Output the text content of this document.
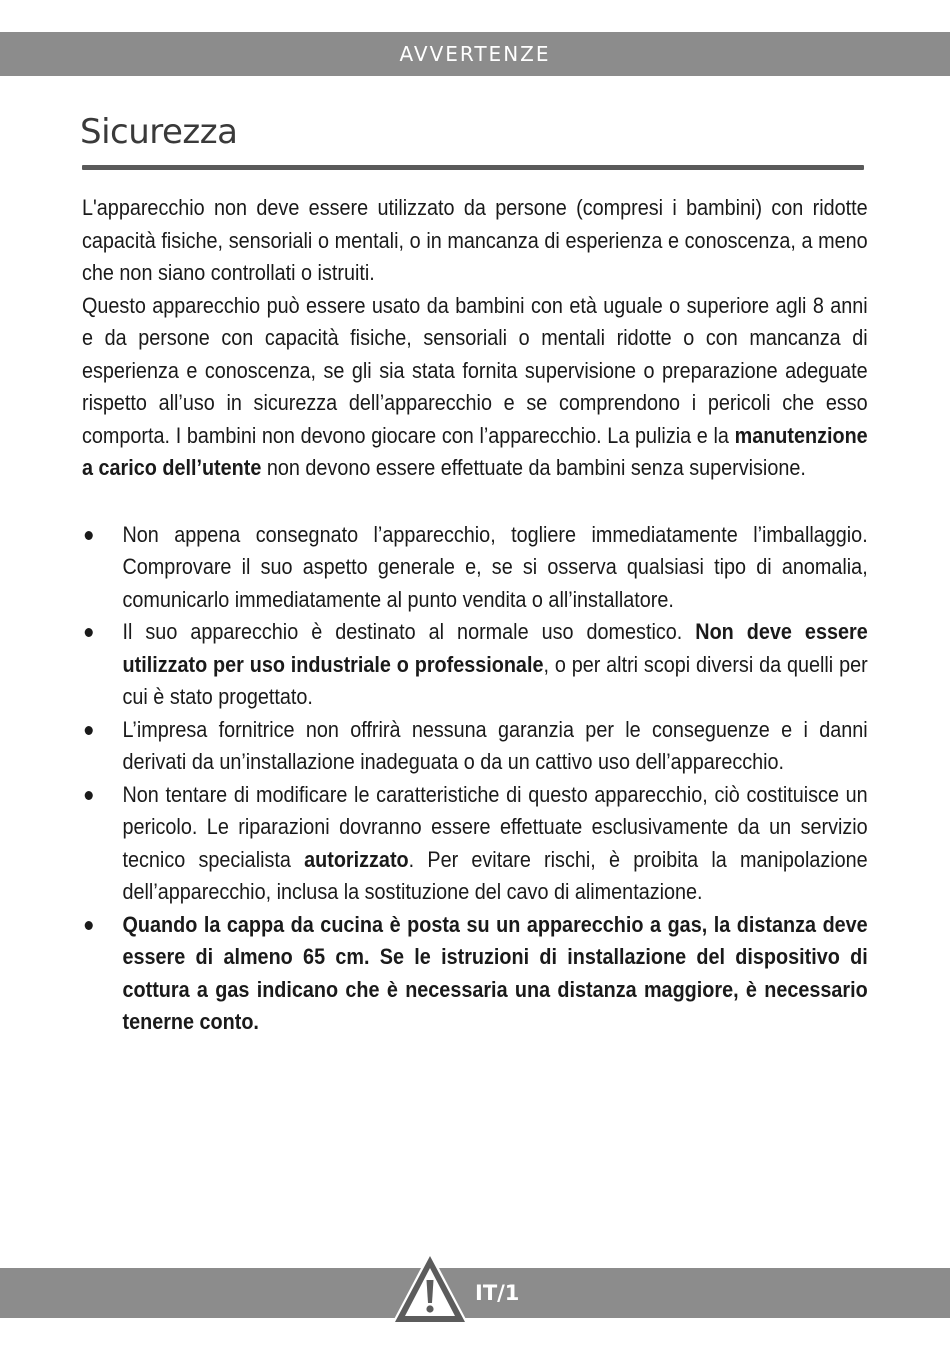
AVVERTENZE
Sicurezza

L'apparecchio non deve essere utilizzato da persone (compresi i bambini) con ridotte capacità fisiche, sensoriali o mentali, o in mancanza di esperienza e conoscenza, a meno che non siano controllati o istruiti.

Questo apparecchio può essere usato da bambini con età uguale o superiore agli 8 anni e da persone con capacità fisiche, sensoriali o mentali ridotte o con mancanza di esperienza e conoscenza, se gli sia stata fornita supervisione o preparazione adeguate rispetto all’uso in sicurezza dell’apparecchio e se comprendono i pericoli che esso comporta. I bambini non devono giocare con l’apparecchio. La pulizia e la manutenzione a carico dell’utente non devono essere effettuate da bambini senza supervisione.

Non appena consegnato l’apparecchio, togliere immediatamente l’imballaggio. Comprovare il suo aspetto generale e, se si osserva qualsiasi tipo di anomalia, comunicarlo immediatamente al punto vendita o all’installatore.
Il suo apparecchio è destinato al normale uso domestico. Non deve essere utilizzato per uso industriale o professionale, o per altri scopi diversi da quelli per cui è stato progettato.
L’impresa fornitrice non offrirà nessuna garanzia per le conseguenze e i danni derivati da un’installazione inadeguata o da un cattivo uso dell’apparecchio.
Non tentare di modificare le caratteristiche di questo apparecchio, ciò costituisce un pericolo. Le riparazioni dovranno essere effettuate esclusivamente da un servizio tecnico specialista autorizzato. Per evitare rischi, è proibita la manipolazione dell’apparecchio, inclusa la sostituzione del cavo di alimentazione.
Quando la cappa da cucina è posta su un apparecchio a gas, la distanza deve essere di almeno 65 cm. Se le istruzioni di installazione del dispositivo di cottura a gas indicano che è necessaria una distanza maggiore, è necessario tenerne conto.
IT/1
